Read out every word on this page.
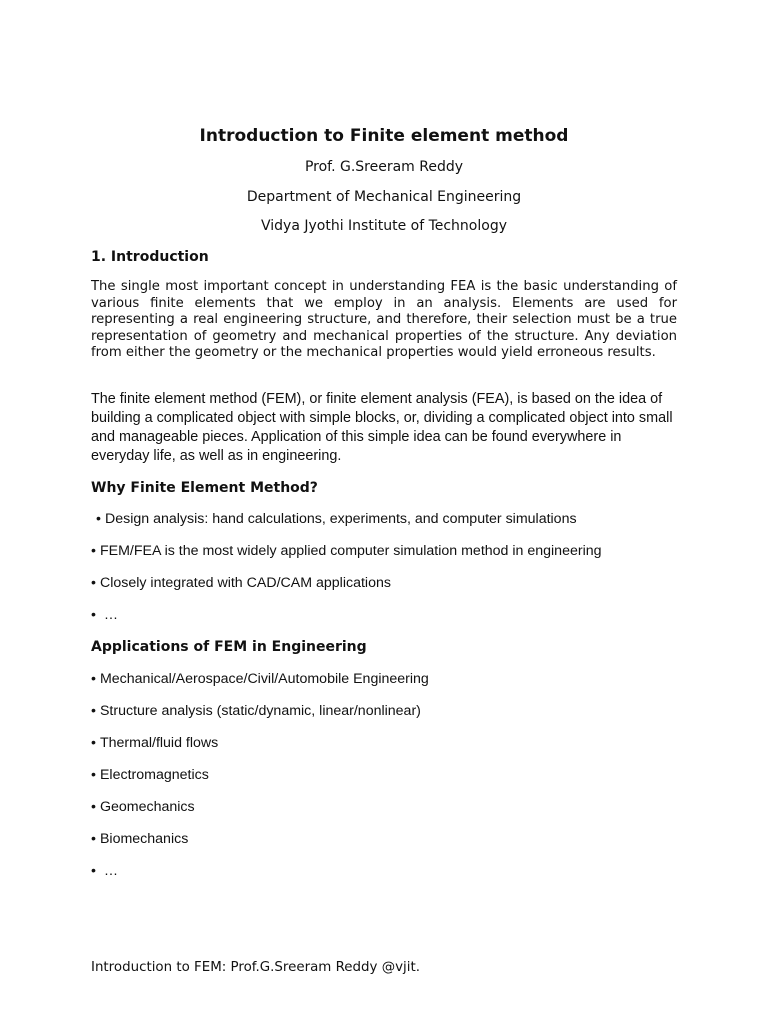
Introduction to Finite element method

Prof. G.Sreeram Reddy

Department of Mechanical Engineering

Vidya Jyothi Institute of Technology

1. Introduction

The single most important concept in understanding FEA is the basic understanding of various finite elements that we employ in an analysis. Elements are used for representing a real engineering structure, and therefore, their selection must be a true representation of geometry and mechanical properties of the structure. Any deviation from either the geometry or the mechanical properties would yield erroneous results.

The finite element method (FEM), or finite element analysis (FEA), is based on the idea of building a complicated object with simple blocks, or, dividing a complicated object into small and manageable pieces. Application of this simple idea can be found everywhere in everyday life, as well as in engineering.

Why Finite Element Method?
• Design analysis: hand calculations, experiments, and computer simulations
• FEM/FEA is the most widely applied computer simulation method in engineering
• Closely integrated with CAD/CAM applications
• …
Applications of FEM in Engineering
• Mechanical/Aerospace/Civil/Automobile Engineering
• Structure analysis (static/dynamic, linear/nonlinear)
• Thermal/fluid flows
• Electromagnetics
• Geomechanics
• Biomechanics
• …

Introduction to FEM: Prof.G.Sreeram Reddy @vjit.
